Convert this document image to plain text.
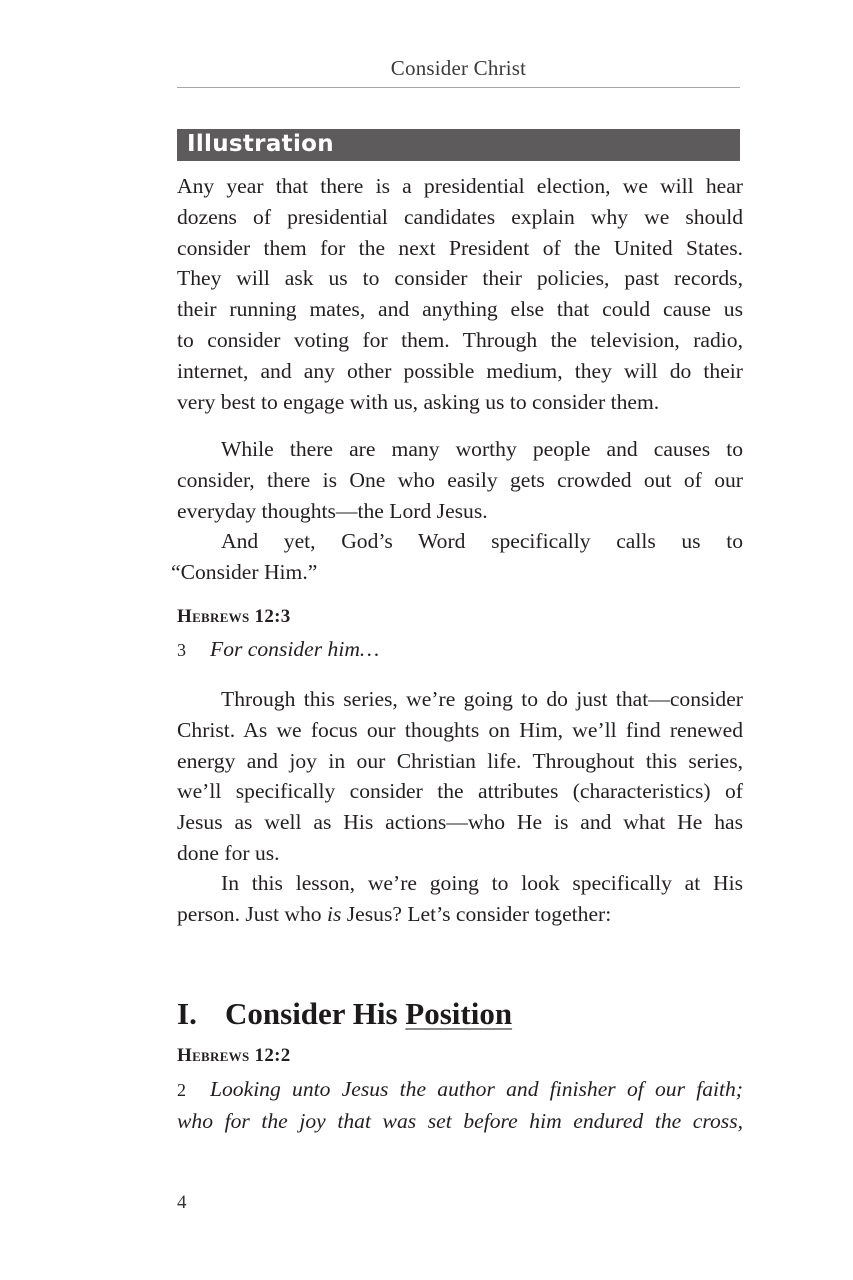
Consider Christ
Illustration
Any year that there is a presidential election, we will hear
dozens of presidential candidates explain why we should
consider them for the next President of the United States.
They will ask us to consider their policies, past records,
their running mates, and anything else that could cause us
to consider voting for them. Through the television, radio,
internet, and any other possible medium, they will do their
very best to engage with us, asking us to consider them.
While there are many worthy people and causes to
consider, there is One who easily gets crowded out of our
everyday thoughts—the Lord Jesus.
And yet, God’s Word specifically calls us to
“Consider Him.”
Hebrews 12:3
3 For consider him…
Through this series, we’re going to do just that—consider
Christ. As we focus our thoughts on Him, we’ll find renewed
energy and joy in our Christian life. Throughout this series,
we’ll specifically consider the attributes (characteristics) of
Jesus as well as His actions—who He is and what He has
done for us.
In this lesson, we’re going to look specifically at His
person. Just who is Jesus? Let’s consider together:
I. Consider His Position
Hebrews 12:2
2 Looking unto Jesus the author and finisher of our faith;
who for the joy that was set before him endured the cross,
4
